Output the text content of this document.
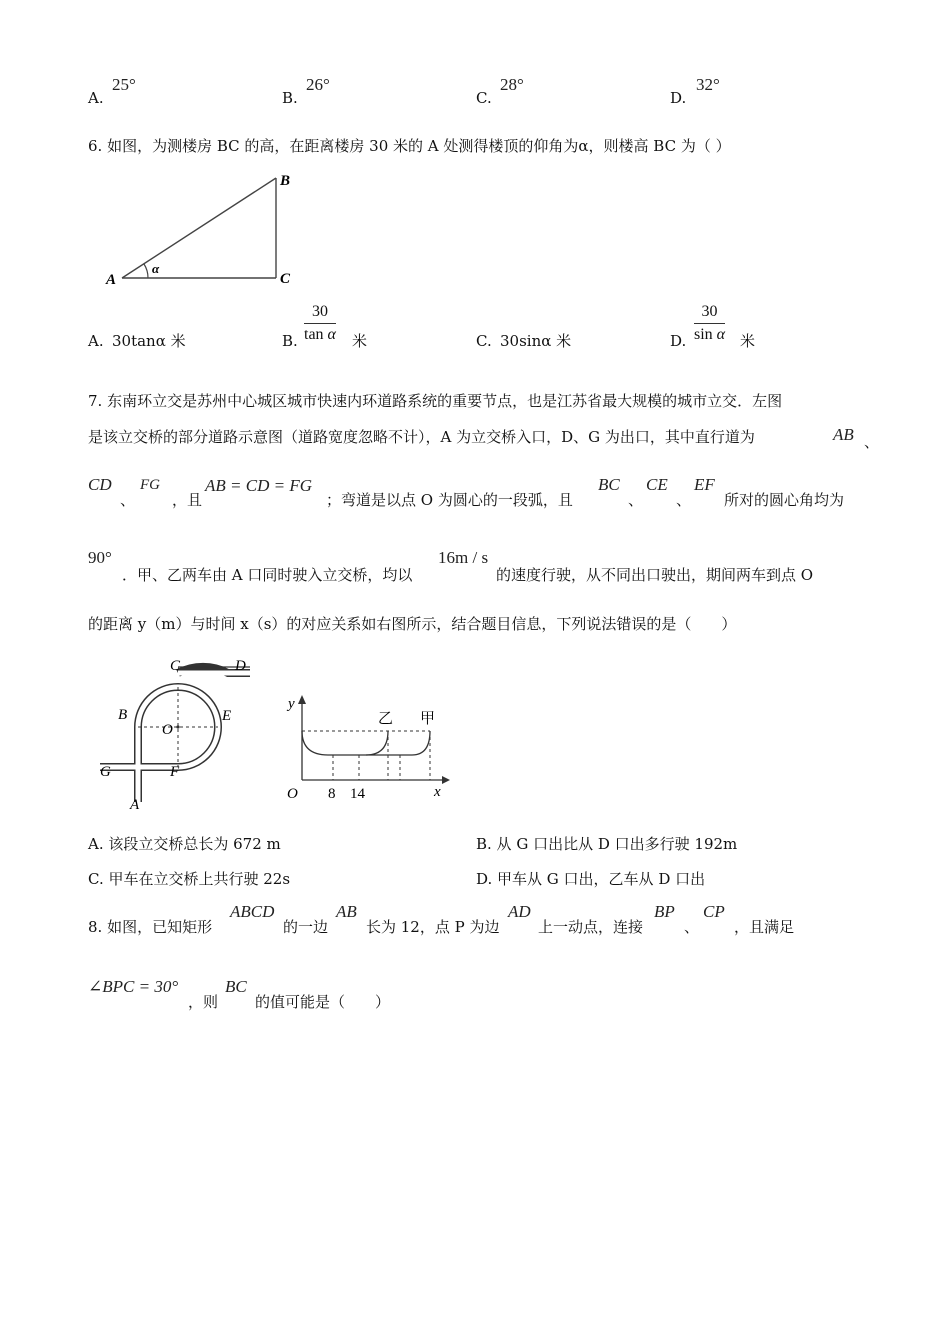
A.
25°
B.
26°
C.
28°
D.
32°
6. 如图，为测楼房 BC 的高，在距离楼房 30 米的 A 处测得楼顶的仰角为α，则楼高 BC 为（ ）
A
B
C
α
A. 30tanα 米	B. $\frac{30}{\text{tan α}}$ 米	C. 30sinα 米	D. $\frac{30}{\text{sin α}}$ 米
7. 东南环立交是苏州中心城区城市快速内环道路系统的重要节点，也是江苏省最大规模的城市立交．左图
是该立交桥的部分道路示意图（道路宽度忽略不计），A 为立交桥入口，D、G 为出口，其中直行道为	AB 、
CD
、
FG
，且
AB = CD = FG
；弯道是以点 O 为圆心的一段弧，且
BC
、
CE
、
EF
所对的圆心角均为
90°
．甲、乙两车由 A 口同时驶入立交桥，均以
16m / s
的速度行驶，从不同出口驶出，期间两车到点 O
的距离 y（m）与时间 x（s）的对应关系如右图所示，结合题目信息，下列说法错误的是（　　）
C	D
B	E
O
G	F
A
y
x
O 8 14
乙 甲
A. 该段立交桥总长为 672 m	B. 从 G 口出比从 D 口出多行驶 192m
C. 甲车在立交桥上共行驶 22s	D. 甲车从 G 口出，乙车从 D 口出
8. 如图，已知矩形
ABCD
的一边
AB
长为 12，点 P 为边
AD
上一动点，连接
BP
、
CP
，且满足
∠BPC = 30°
，则
BC
的值可能是（　　）
